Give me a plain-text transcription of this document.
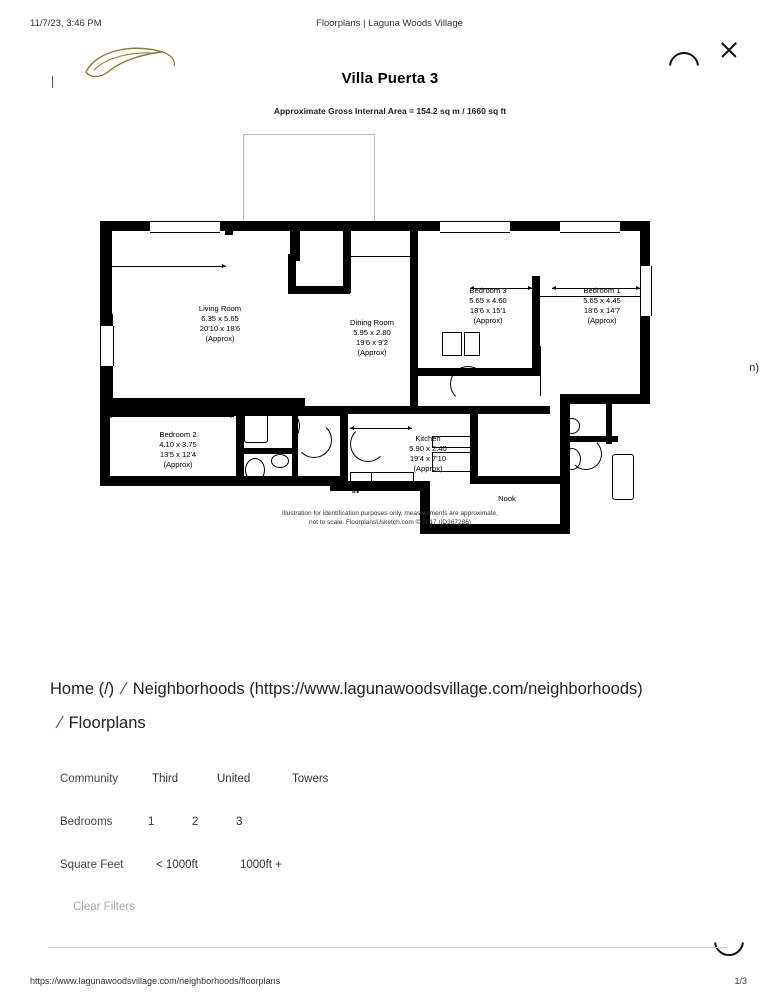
11/7/23, 3:46 PM	Floorplans | Laguna Woods Village
Villa Puerta 3
Approximate Gross Internal Area = 154.2 sq m / 1660 sq ft
IN
Living Room
6.35 x 5.65
20'10 x 18'6
(Approx)
Dining Room
5.95 x 2.80
19'6 x 9'2
(Approx)
Bedroom 3
5.65 x 4.60
18'6 x 15'1
(Approx)
Bedroom 1
5.65 x 4.45
18'6 x 14'7
(Approx)
Bedroom 2
4.10 x 3.75
13'5 x 12'4
(Approx)
Kitchen
5.90 x 2.40
19'4 x 7'10
(Approx)
Nook
Illustration for identification purposes only, measurements are approximate,
not to scale. FloorplansUsketch.com © 2017 (ID367286)
n)
Home (/) / Neighborhoods (https://www.lagunawoodsvillage.com/neighborhoods)
/ Floorplans
Community	Third	United	Towers
Bedrooms	1	2	3
Square Feet	< 1000ft	1000ft +
Clear Filters
https://www.lagunawoodsvillage.com/neighborhoods/floorplans	1/3
